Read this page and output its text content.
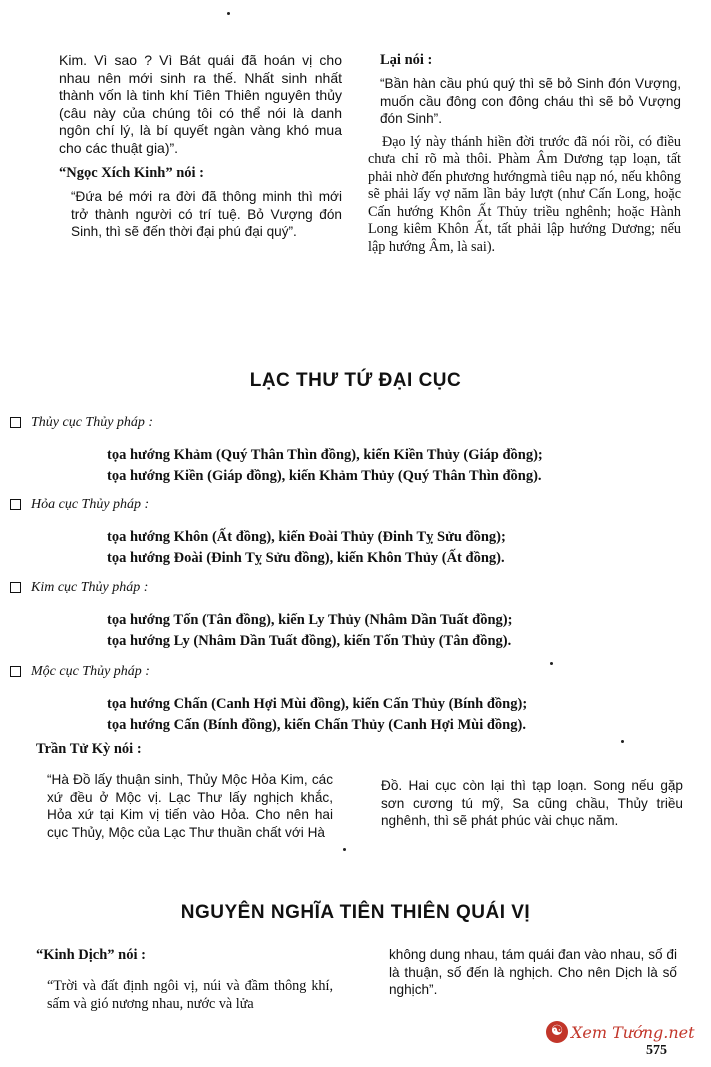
Kim. Vì sao ? Vì Bát quái đã hoán vị cho nhau nên mới sinh ra thế. Nhất sinh nhất thành vốn là tinh khí Tiên Thiên nguyên thủy (câu này của chúng tôi có thể nói là danh ngôn chí lý, là bí quyết ngàn vàng khó mua cho các thuật gia)”.

“Ngọc Xích Kinh” nói :

“Đứa bé mới ra đời đã thông minh thì mới trở thành người có trí tuệ. Bỏ Vượng đón Sinh, thì sẽ đến thời đại phú đại quý”.

Lại nói :

“Bần hàn cầu phú quý thì sẽ bỏ Sinh đón Vượng, muốn cầu đông con đông cháu thì sẽ bỏ Vượng đón Sinh”.

Đạo lý này thánh hiền đời trước đã nói rồi, có điều chưa chỉ rõ mà thôi. Phàm Âm Dương tạp loạn, tất phải nhờ đến phương hướngmà tiêu nạp nó, nếu không sẽ phải lấy vợ năm lần bảy lượt (như Cấn Long, hoặc Cấn hướng Khôn Ất Thủy triều nghênh; hoặc Hành Long kiêm Khôn Ất, tất phải lập hướng Dương; nếu lập hướng Âm, là sai).

LẠC THƯ TỨ ĐẠI CỤC

Thủy cục Thủy pháp :

tọa hướng Khảm (Quý Thân Thìn đồng), kiến Kiền Thủy (Giáp đồng);

tọa hướng Kiền (Giáp đồng), kiến Khảm Thủy (Quý Thân Thìn đồng).

Hỏa cục Thủy pháp :

tọa hướng Khôn (Ất đồng), kiến Đoài Thủy (Đinh Tỵ Sửu đồng);

tọa hướng Đoài (Đinh Tỵ Sửu đồng), kiến Khôn Thủy (Ất đồng).

Kim cục Thủy pháp :

tọa hướng Tốn (Tân đồng), kiến Ly Thủy (Nhâm Dần Tuất đồng);

tọa hướng Ly (Nhâm Dần Tuất đồng), kiến Tốn Thủy (Tân đồng).

Mộc cục Thủy pháp :

tọa hướng Chấn (Canh Hợi Mùi đồng), kiến Cấn Thủy (Bính đồng);

tọa hướng Cấn (Bính đồng), kiến Chấn Thủy (Canh Hợi Mùi đồng).

Trần Tử Kỳ nói :

“Hà Đồ lấy thuận sinh, Thủy Mộc Hỏa Kim, các xứ đều ở Mộc vị. Lạc Thư lấy nghịch khắc, Hỏa xứ tại Kim vị tiến vào Hỏa. Cho nên hai cục Thủy, Mộc của Lạc Thư thuần chất với Hà

Đồ. Hai cục còn lại thì tạp loạn. Song nếu gặp sơn cương tú mỹ, Sa cũng chầu, Thủy triều nghênh, thì sẽ phát phúc vài chục năm.

NGUYÊN NGHĨA TIÊN THIÊN QUÁI VỊ

“Kinh Dịch” nói :

“Trời và đất định ngôi vị, núi và đầm thông khí, sấm và gió nương nhau, nước và lửa

không dung nhau, tám quái đan vào nhau, số đi là thuận, số đến là nghịch. Cho nên Dịch là số nghịch”.

☯ Xem Tướng.net
575
